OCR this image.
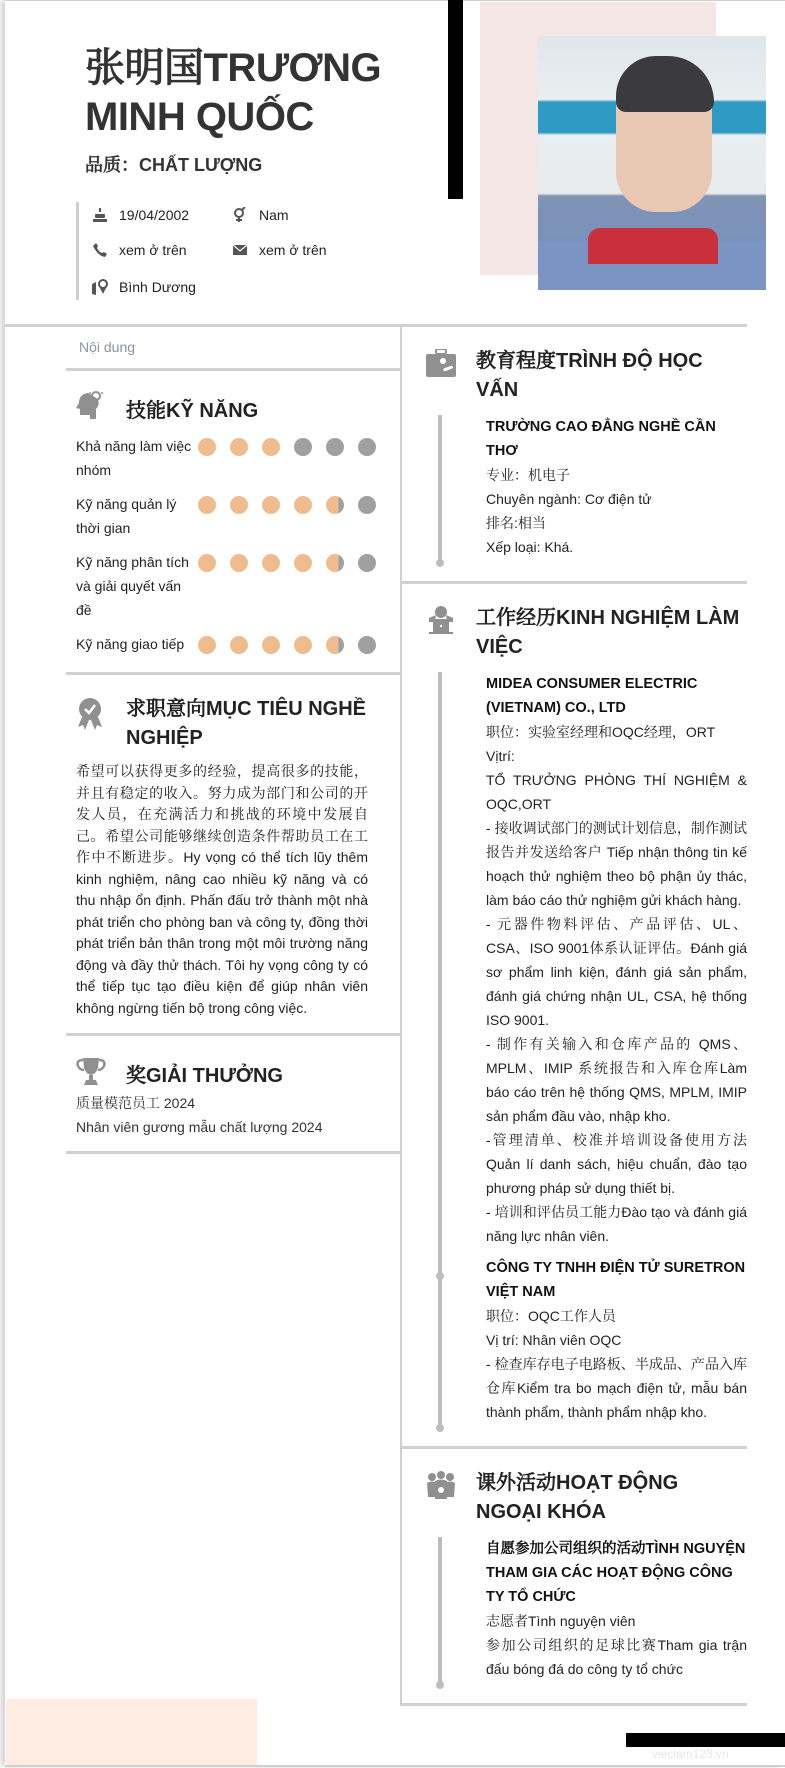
张明国TRƯƠNG MINH QUỐC
品质：CHẤT LƯỢNG
19/04/2002	Nam
xem ở trên	xem ở trên
Bình Dương
Nội dung
技能KỸ NĂNG
Khả năng làm việc nhóm
Kỹ năng quản lý thời gian
Kỹ năng phân tích và giải quyết vấn đề
Kỹ năng giao tiếp
求职意向MỤC TIÊU NGHỀ NGHIỆP

希望可以获得更多的经验，提高很多的技能，并且有稳定的收入。努力成为部门和公司的开发人员，在充满活力和挑战的环境中发展自己。希望公司能够继续创造条件帮助员工在工作中不断进步。Hy vọng có thể tích lũy thêm kinh nghiệm, nâng cao nhiều kỹ năng và có thu nhập ổn định. Phấn đấu trở thành một nhà phát triển cho phòng ban và công ty, đồng thời phát triển bản thân trong một môi trường năng động và đầy thử thách. Tôi hy vọng công ty có thể tiếp tục tạo điều kiện để giúp nhân viên không ngừng tiến bộ trong công việc.

奖GIẢI THƯỞNG
质量模范员工 2024
Nhân viên gương mẫu chất lượng 2024
教育程度TRÌNH ĐỘ HỌC VẤN
TRƯỜNG CAO ĐẲNG NGHỀ CẦN THƠ
专业：机电子
Chuyên ngành: Cơ điện tử
排名:相当
Xếp loại: Khá.
工作经历KINH NGHIỆM LÀM VIỆC
MIDEA CONSUMER ELECTRIC (VIETNAM) CO., LTD
职位：实验室经理和OQC经理，ORT
Vịtrí:
TỔ TRƯỞNG PHÒNG THÍ NGHIỆM & OQC,ORT
- 接收调试部门的测试计划信息，制作测试报告并发送给客户 Tiếp nhận thông tin kế hoạch thử nghiệm theo bộ phận ủy thác, làm báo cáo thử nghiệm gửi khách hàng.
- 元器件物料评估、产品评估、UL、CSA、ISO 9001体系认证评估。Đánh giá sơ phẩm linh kiện, đánh giá sản phẩm, đánh giá chứng nhận UL, CSA, hệ thống ISO 9001.
- 制作有关输入和仓库产品的 QMS、MPLM、IMIP 系统报告和入库仓库Làm báo cáo trên hệ thống QMS, MPLM, IMIP sản phẩm đầu vào, nhập kho.
-管理清单、校准并培训设备使用方法Quản lí danh sách, hiệu chuẩn, đào tạo phương pháp sử dụng thiết bị.
- 培训和评估员工能力Đào tạo và đánh giá năng lực nhân viên.
CÔNG TY TNHH ĐIỆN TỬ SURETRON VIỆT NAM
职位：OQC工作人员
Vị trí: Nhân viên OQC
- 检查库存电子电路板、半成品、产品入库仓库Kiểm tra bo mạch điện tử, mẫu bán thành phẩm, thành phẩm nhập kho.
课外活动HOẠT ĐỘNG NGOẠI KHÓA
自愿参加公司组织的活动TÌNH NGUYỆN THAM GIA CÁC HOẠT ĐỘNG CÔNG TY TỔ CHỨC
志愿者Tình nguyện viên
参加公司组织的足球比赛Tham gia trận đấu bóng đá do công ty tổ chức
vieclam123.vn
